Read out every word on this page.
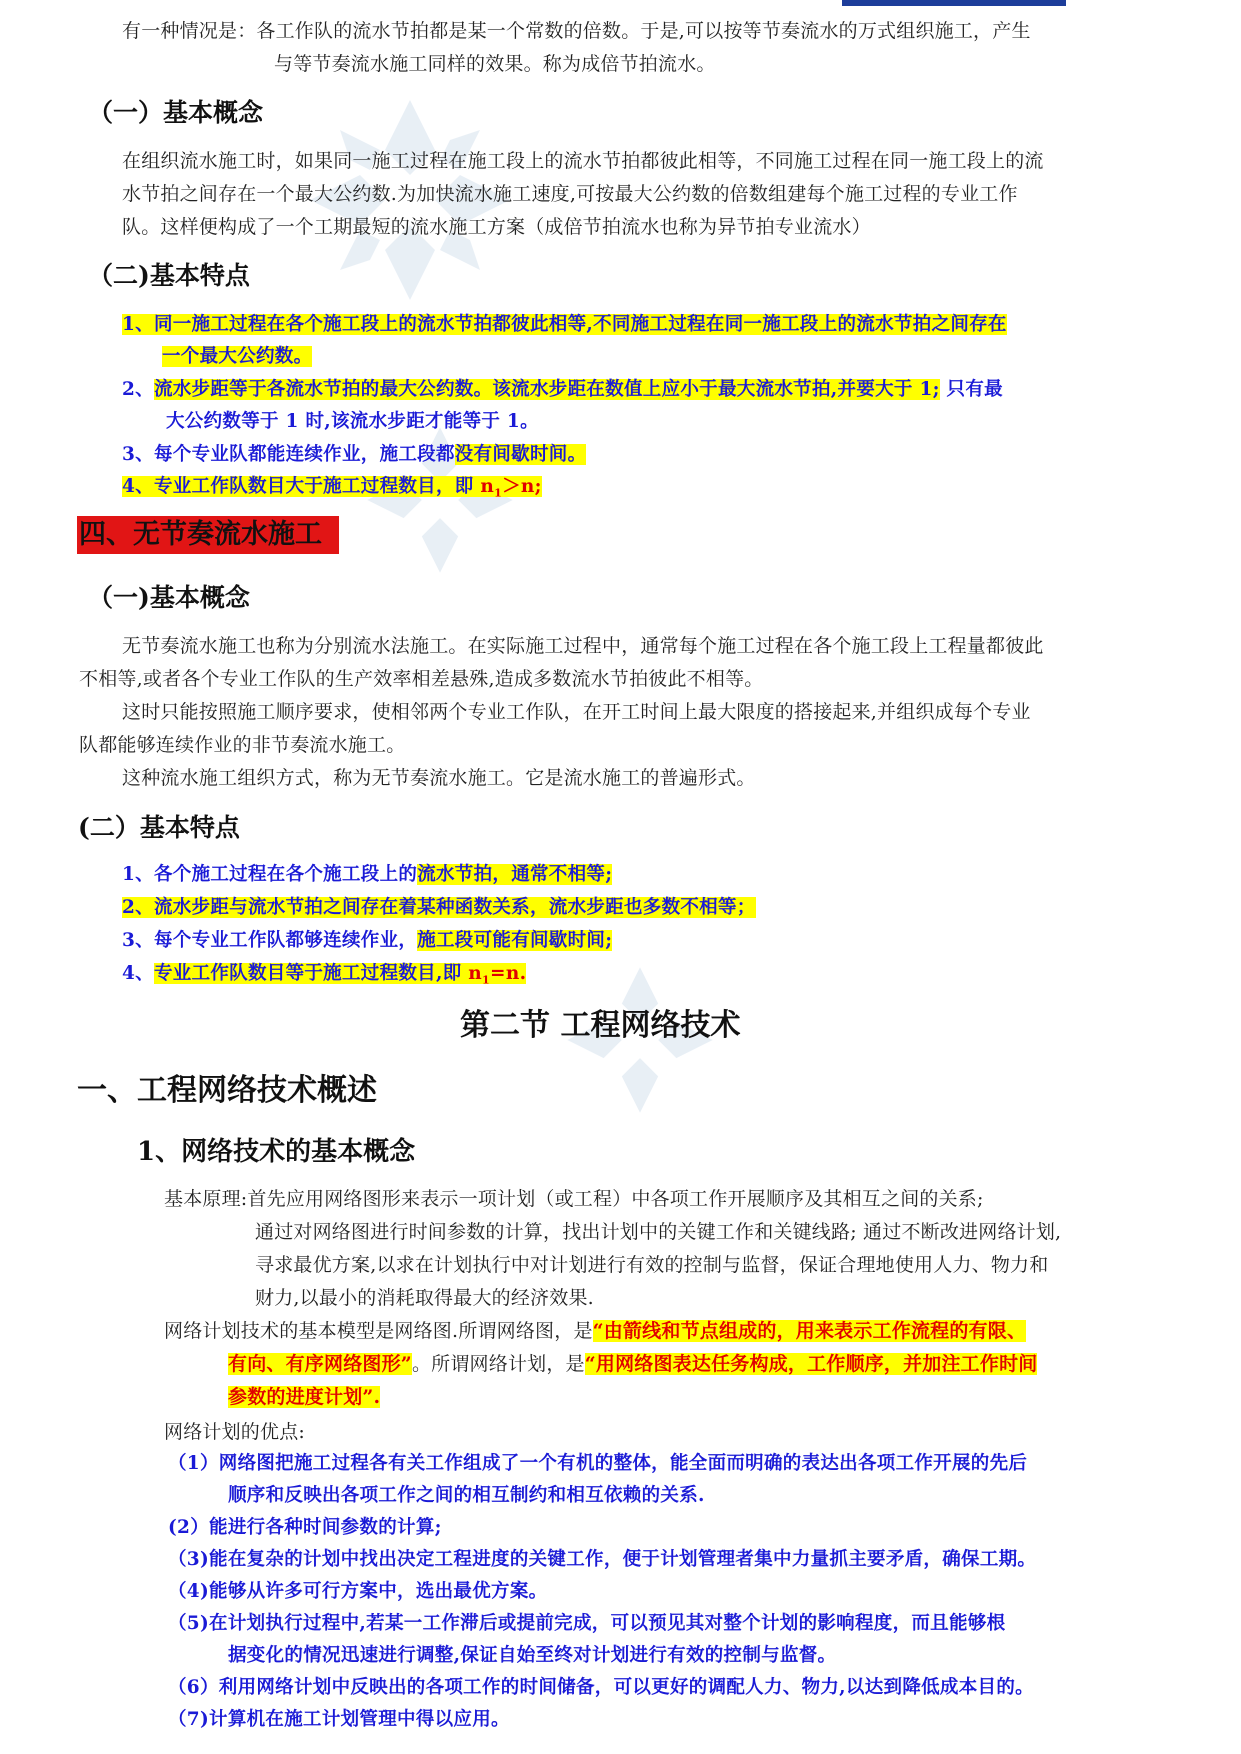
有一种情况是：各工作队的流水节拍都是某一个常数的倍数。于是,可以按等节奏流水的万式组织施工，产生
与等节奏流水施工同样的效果。称为成倍节拍流水。
（一）基本概念
在组织流水施工时，如果同一施工过程在施工段上的流水节拍都彼此相等，不同施工过程在同一施工段上的流
水节拍之间存在一个最大公约数.为加快流水施工速度,可按最大公约数的倍数组建每个施工过程的专业工作
队。这样便构成了一个工期最短的流水施工方案（成倍节拍流水也称为异节拍专业流水）
（二)基本特点
1、同一施工过程在各个施工段上的流水节拍都彼此相等,不同施工过程在同一施工段上的流水节拍之间存在
一个最大公约数。
2、流水步距等于各流水节拍的最大公约数。该流水步距在数值上应小于最大流水节拍,并要大于 1; 只有最
大公约数等于 1 时,该流水步距才能等于 1。
3、每个专业队都能连续作业，施工段都没有间歇时间。
4、专业工作队数目大于施工过程数目，即 $n_1>n$;
四、无节奏流水施工
（一)基本概念
无节奏流水施工也称为分别流水法施工。在实际施工过程中，通常每个施工过程在各个施工段上工程量都彼此
不相等,或者各个专业工作队的生产效率相差悬殊,造成多数流水节拍彼此不相等。
这时只能按照施工顺序要求，使相邻两个专业工作队，在开工时间上最大限度的搭接起来,并组织成每个专业
队都能够连续作业的非节奏流水施工。
这种流水施工组织方式，称为无节奏流水施工。它是流水施工的普遍形式。
(二）基本特点
1、各个施工过程在各个施工段上的流水节拍，通常不相等;
2、流水步距与流水节拍之间存在着某种函数关系，流水步距也多数不相等；
3、每个专业工作队都够连续作业，施工段可能有间歇时间;
4、专业工作队数目等于施工过程数目,即 $n_1=n$.
第二节 工程网络技术
一、工程网络技术概述
1、网络技术的基本概念
基本原理:首先应用网络图形来表示一项计划（或工程）中各项工作开展顺序及其相互之间的关系;
通过对网络图进行时间参数的计算，找出计划中的关键工作和关键线路; 通过不断改进网络计划,
寻求最优方案,以求在计划执行中对计划进行有效的控制与监督，保证合理地使用人力、物力和
财力,以最小的消耗取得最大的经济效果.
网络计划技术的基本模型是网络图.所谓网络图，是“由箭线和节点组成的，用来表示工作流程的有限、
有向、有序网络图形”。所谓网络计划，是“用网络图表达任务构成，工作顺序，并加注工作时间
参数的进度计划”.
网络计划的优点:
（1）网络图把施工过程各有关工作组成了一个有机的整体，能全面而明确的表达出各项工作开展的先后
顺序和反映出各项工作之间的相互制约和相互依赖的关系.
(2）能进行各种时间参数的计算;
（3)能在复杂的计划中找出决定工程进度的关键工作，便于计划管理者集中力量抓主要矛盾，确保工期。
（4)能够从许多可行方案中，选出最优方案。
（5)在计划执行过程中,若某一工作滞后或提前完成，可以预见其对整个计划的影响程度，而且能够根
据变化的情况迅速进行调整,保证自始至终对计划进行有效的控制与监督。
（6）利用网络计划中反映出的各项工作的时间储备，可以更好的调配人力、物力,以达到降低成本目的。
（7)计算机在施工计划管理中得以应用。
